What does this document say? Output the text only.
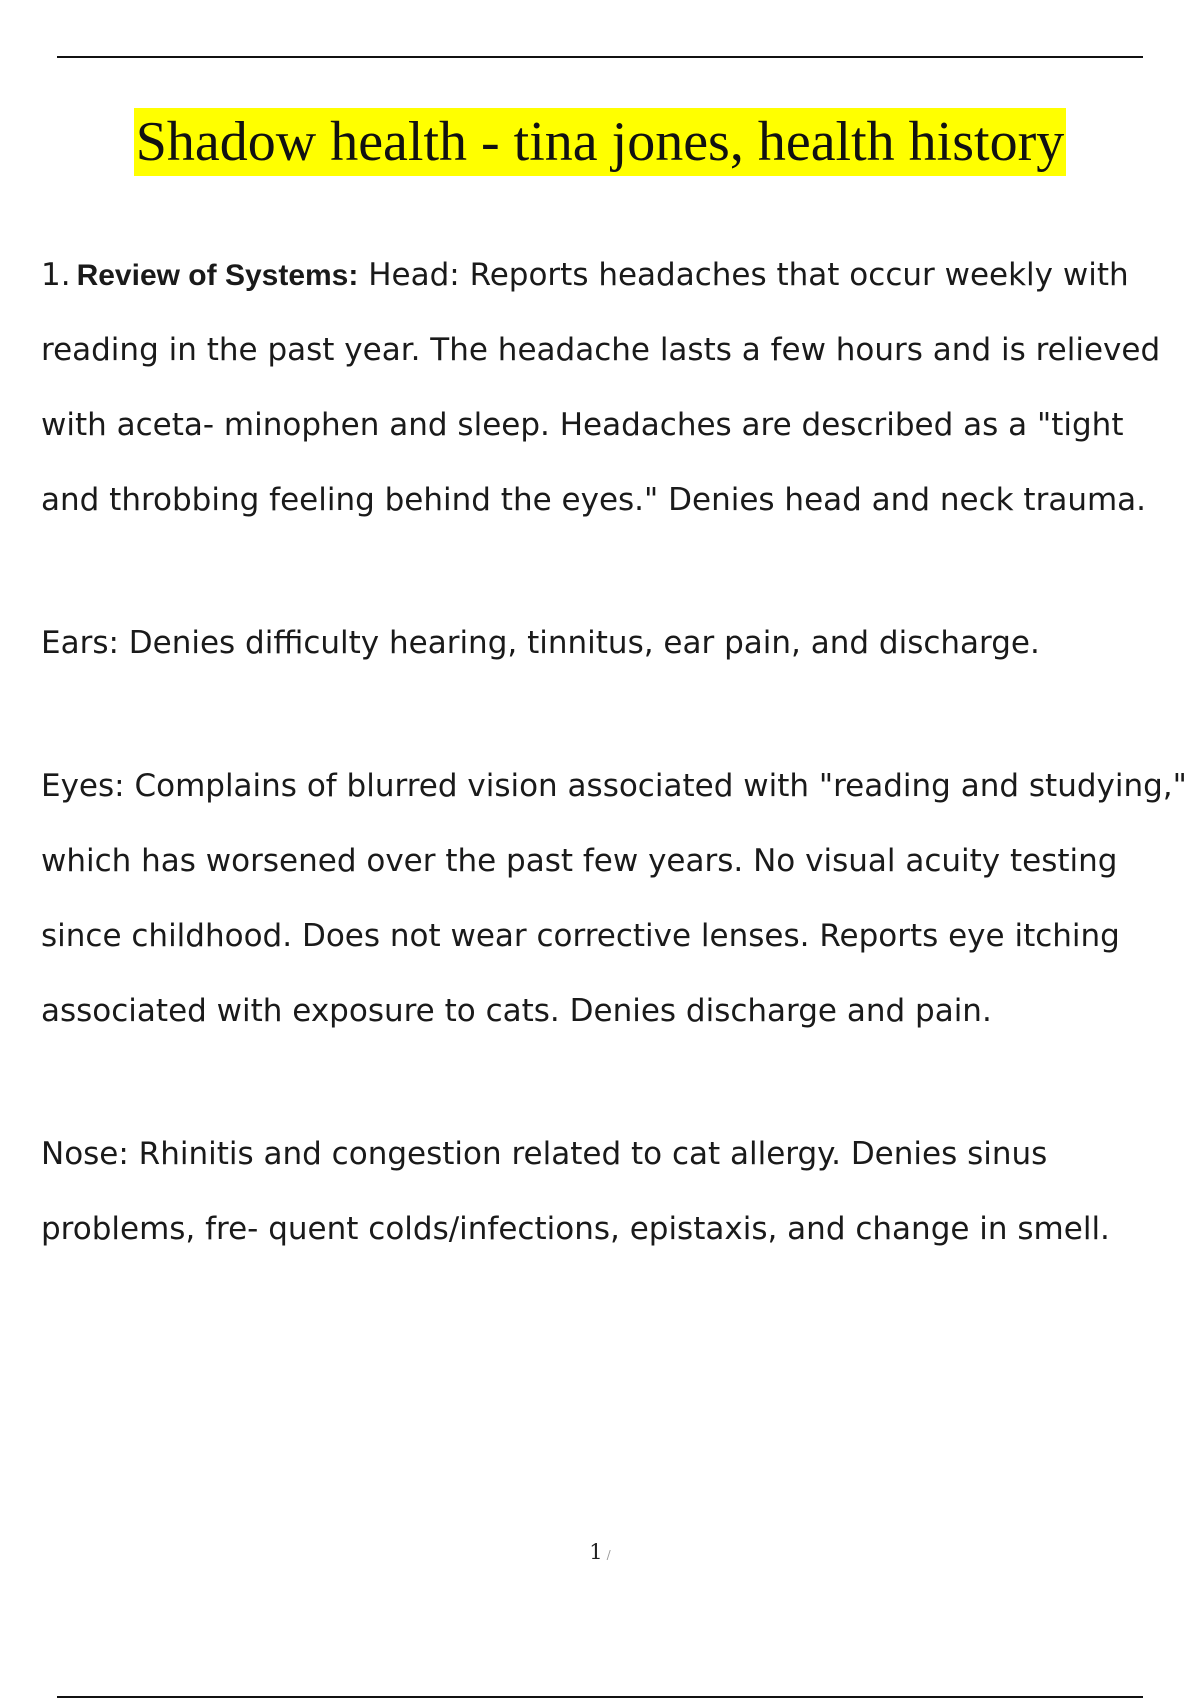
Shadow health - tina jones, health history

1. Review of Systems: Head: Reports headaches that occur weekly with reading in the past year. The headache lasts a few hours and is relieved with aceta- minophen and sleep. Headaches are described as a "tight and throbbing feeling behind the eyes." Denies head and neck trauma.

Ears: Denies difficulty hearing, tinnitus, ear pain, and discharge.

Eyes: Complains of blurred vision associated with "reading and studying," which has worsened over the past few years. No visual acuity testing since childhood. Does not wear corrective lenses. Reports eye itching associated with exposure to cats. Denies discharge and pain.

Nose: Rhinitis and congestion related to cat allergy. Denies sinus problems, fre- quent colds/infections, epistaxis, and change in smell.

1 /
